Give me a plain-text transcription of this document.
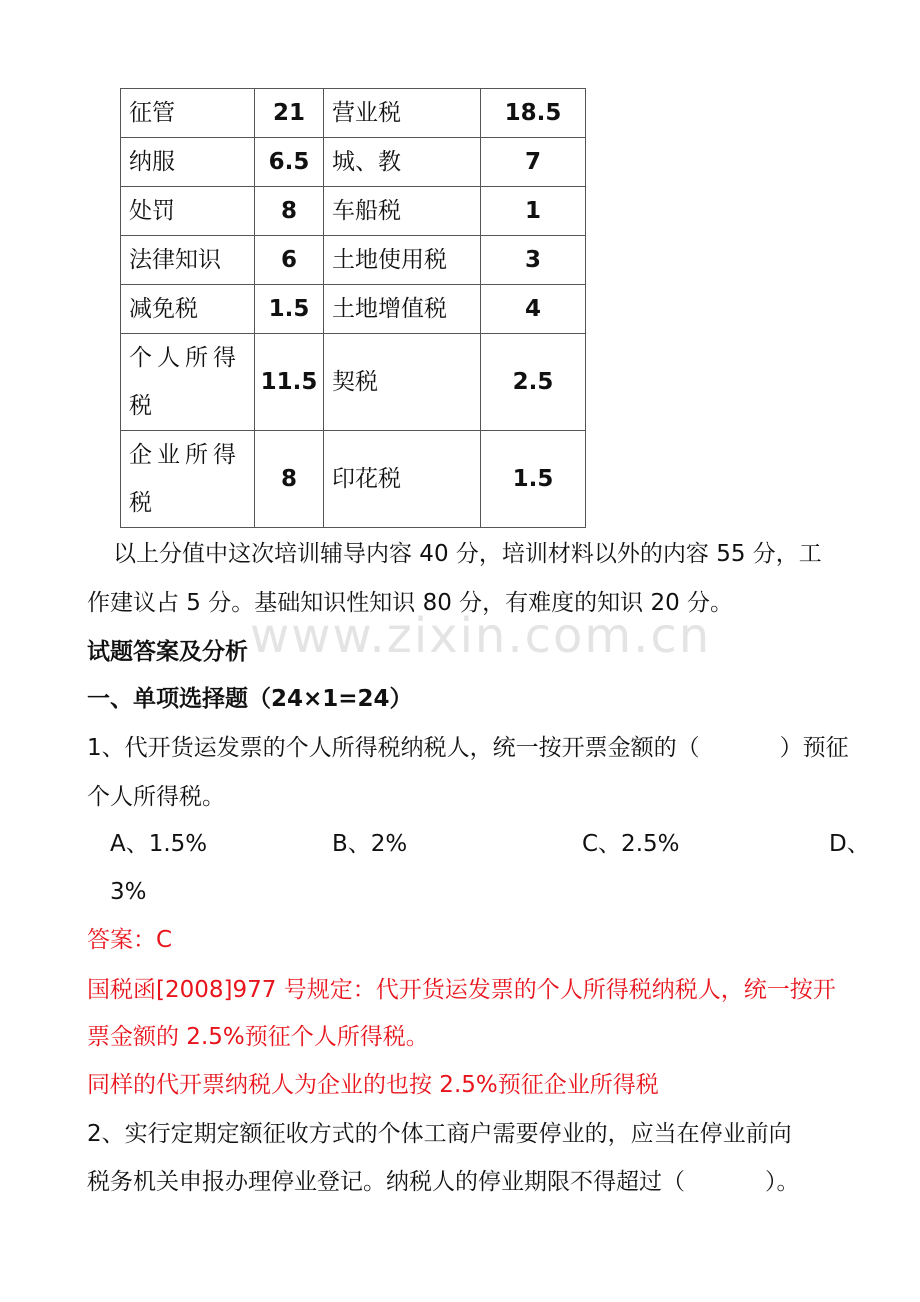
征管	21	营业税	18.5
纳服	6.5	城、教	7
处罚	8	车船税	1
法律知识	6	土地使用税	3
减免税	1.5	土地增值税	4
个人所得税	11.5	契税	2.5
企业所得税	8	印花税	1.5
www.zixin.com.cn

以上分值中这次培训辅导内容 40 分，培训材料以外的内容 55 分，工

作建议占 5 分。基础知识性知识 80 分，有难度的知识 20 分。

试题答案及分析

一、单项选择题（24×1=24）

1、代开货运发票的个人所得税纳税人，统一按开票金额的（	）预征

个人所得税。

A、1.5%	B、2%	C、2.5%	D、
3%

答案：C

国税函[2008]977 号规定：代开货运发票的个人所得税纳税人，统一按开

票金额的 2.5%预征个人所得税。

同样的代开票纳税人为企业的也按 2.5%预征企业所得税

2、实行定期定额征收方式的个体工商户需要停业的，应当在停业前向

税务机关申报办理停业登记。纳税人的停业期限不得超过（	）。
